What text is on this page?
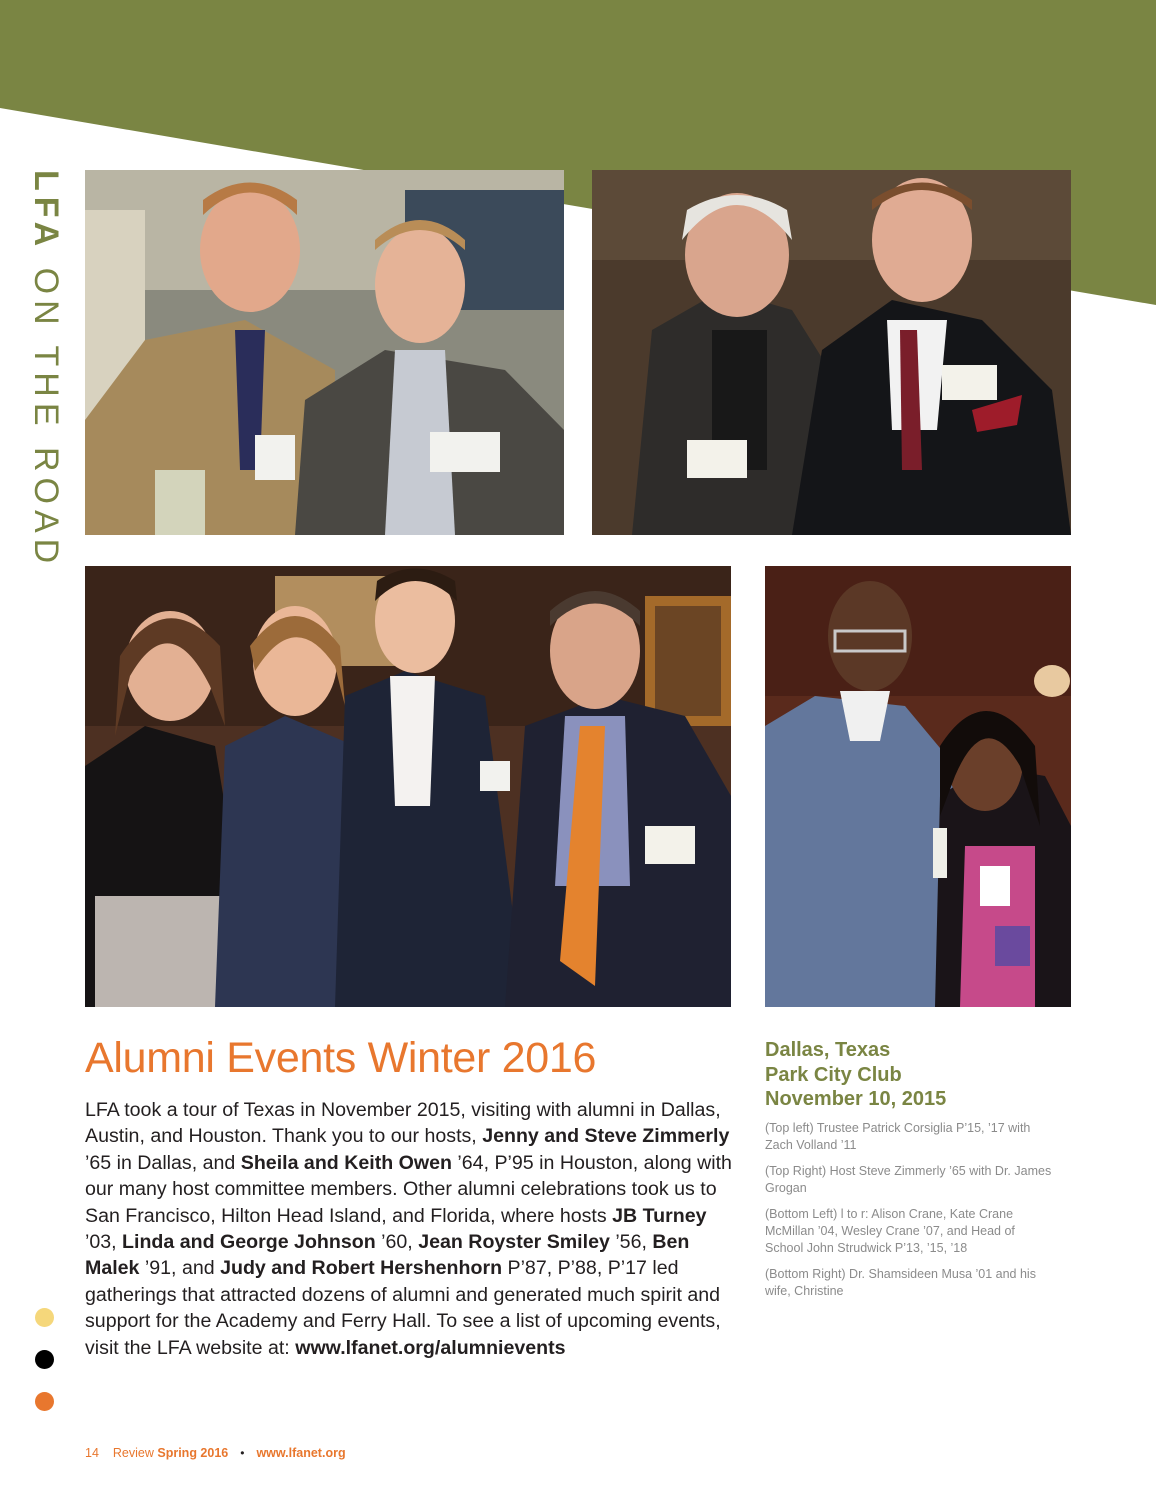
LFA ON THE ROAD
Alumni Events Winter 2016

LFA took a tour of Texas in November 2015, visiting with alumni in Dallas, Austin, and Houston. Thank you to our hosts, Jenny and Steve Zimmerly ’65 in Dallas, and Sheila and Keith Owen ’64, P’95 in Houston, along with our many host committee members. Other alumni celebrations took us to San Francisco, Hilton Head Island, and Florida, where hosts JB Turney ’03, Linda and George Johnson ’60, Jean Royster Smiley ’56, Ben Malek ’91, and Judy and Robert Hershenhorn P’87, P’88, P’17 led gatherings that attracted dozens of alumni and generated much spirit and support for the Academy and Ferry Hall. To see a list of upcoming events, visit the LFA website at: www.lfanet.org/alumnievents

Dallas, Texas
Park City Club
November 10, 2015

(Top left) Trustee Patrick Corsiglia P’15, ’17 with Zach Volland ’11

(Top Right) Host Steve Zimmerly ’65 with Dr. James Grogan

(Bottom Left) l to r: Alison Crane, Kate Crane McMillan ’04, Wesley Crane ’07, and Head of School John Strudwick P’13, ’15, ’18

(Bottom Right) Dr. Shamsideen Musa ’01 and his wife, Christine

14 Review Spring 2016 • www.lfanet.org
